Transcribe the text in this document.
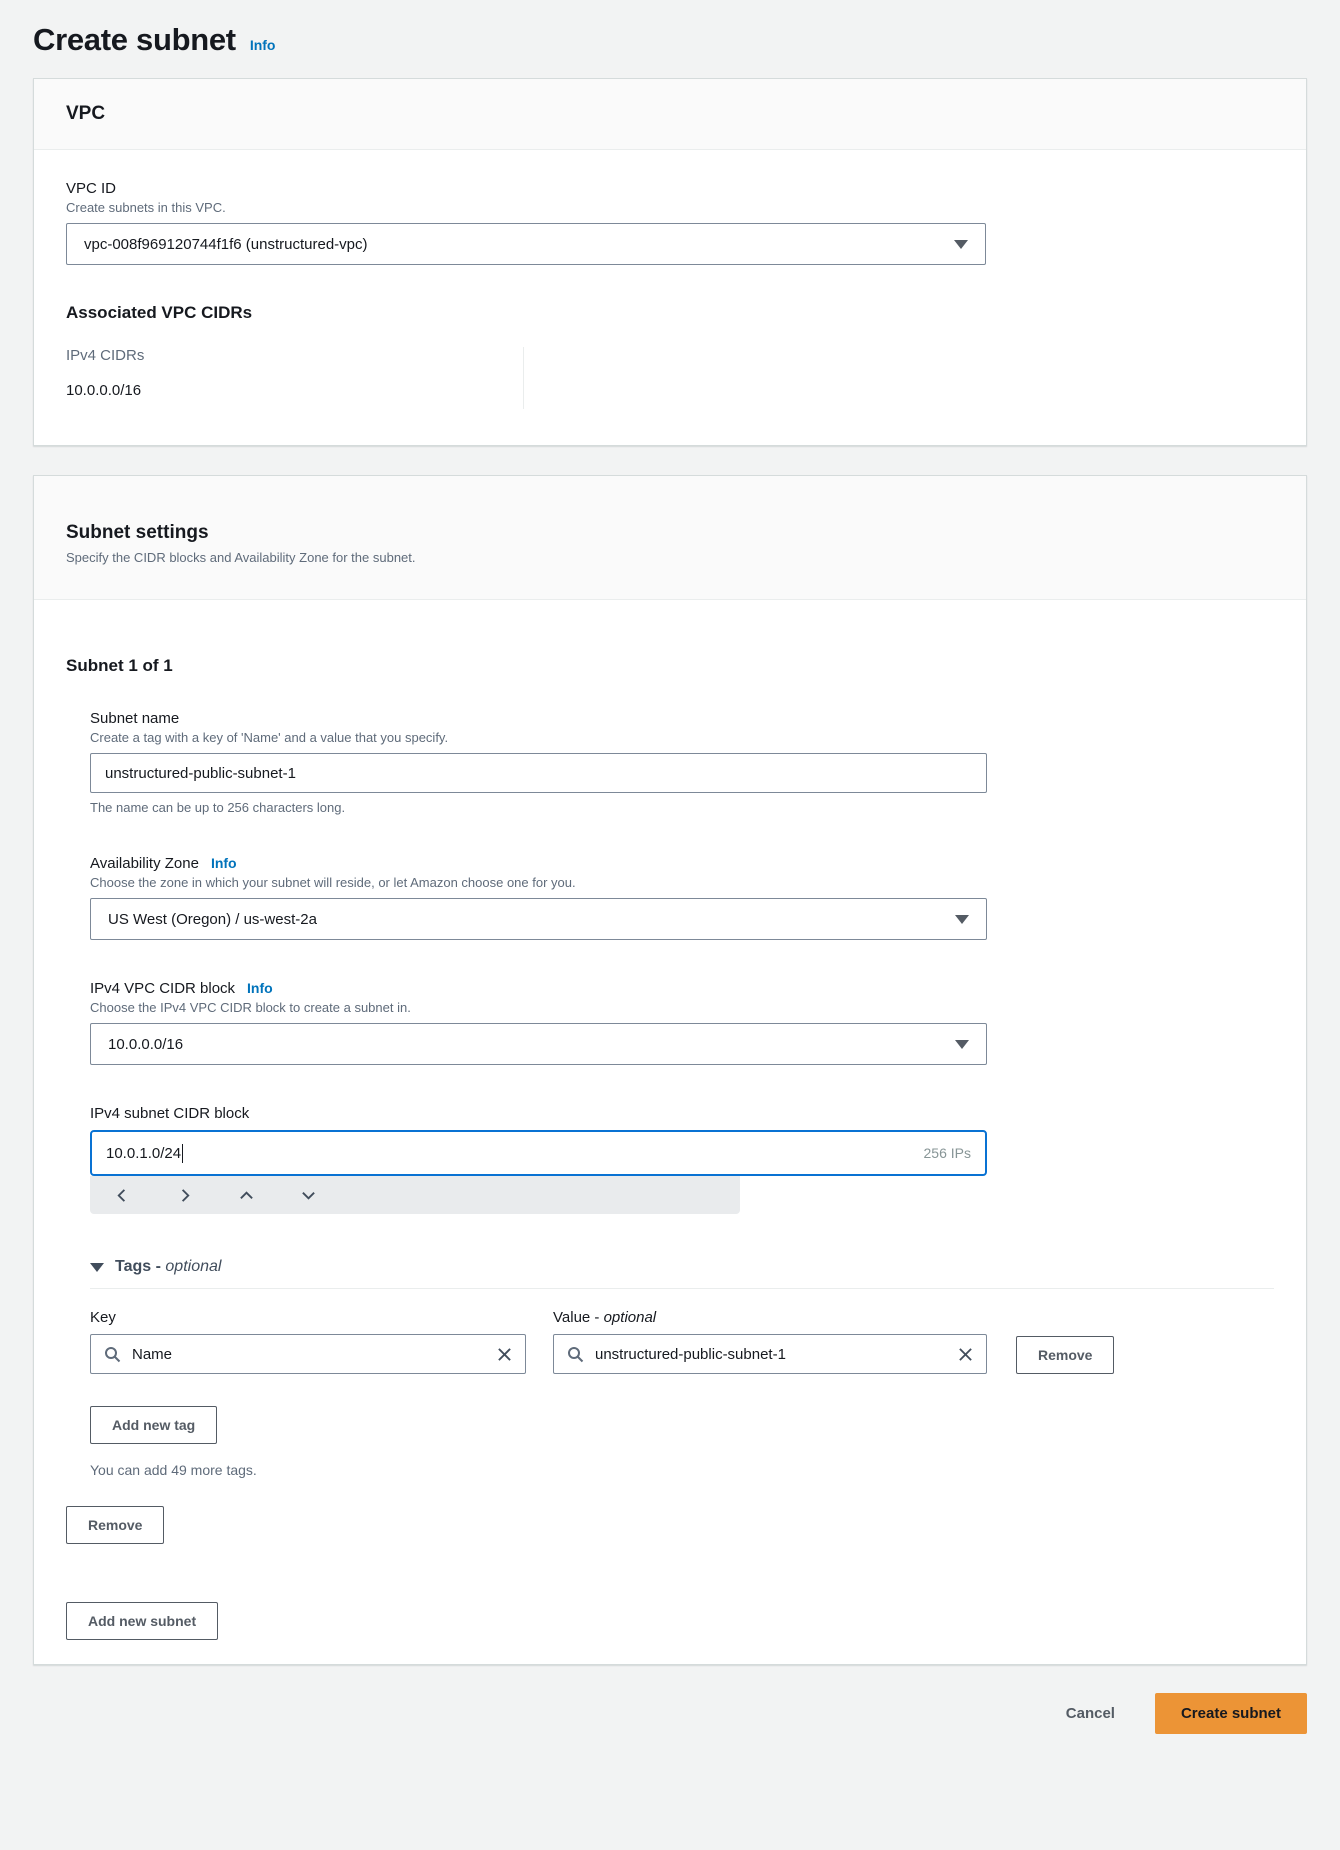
Create subnet Info
VPC
VPC ID
Create subnets in this VPC.
vpc-008f969120744f1f6 (unstructured-vpc)
Associated VPC CIDRs
IPv4 CIDRs
10.0.0.0/16
Subnet settings
Specify the CIDR blocks and Availability Zone for the subnet.
Subnet 1 of 1
Subnet name
Create a tag with a key of 'Name' and a value that you specify.
unstructured-public-subnet-1
The name can be up to 256 characters long.
Availability Zone Info
Choose the zone in which your subnet will reside, or let Amazon choose one for you.
US West (Oregon) / us-west-2a
IPv4 VPC CIDR block Info
Choose the IPv4 VPC CIDR block to create a subnet in.
10.0.0.0/16
IPv4 subnet CIDR block
10.0.1.0/24	256 IPs
Tags - optional
Key
Name
Value - optional
unstructured-public-subnet-1	Remove
Add new tag
You can add 49 more tags.
Remove
Add new subnet
Cancel	Create subnet
